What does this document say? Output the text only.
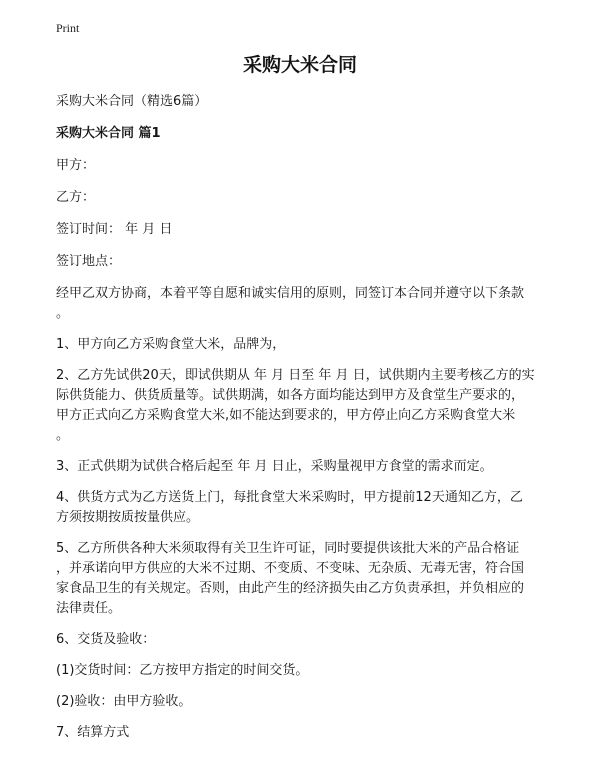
Print
采购大米合同
采购大米合同（精选6篇）
采购大米合同 篇1
甲方：
乙方：
签订时间： 年 月 日
签订地点：
经甲乙双方协商，本着平等自愿和诚实信用的原则，同签订本合同并遵守以下条款
。
1、甲方向乙方采购食堂大米，品牌为，
2、乙方先试供20天，即试供期从 年 月 日至 年 月 日，试供期内主要考核乙方的实
际供货能力、供货质量等。试供期满，如各方面均能达到甲方及食堂生产要求的，
甲方正式向乙方采购食堂大米,如不能达到要求的，甲方停止向乙方采购食堂大米
。
3、正式供期为试供合格后起至 年 月 日止，采购量视甲方食堂的需求而定。
4、供货方式为乙方送货上门，每批食堂大米采购时，甲方提前12天通知乙方，乙
方须按期按质按量供应。
5、乙方所供各种大米须取得有关卫生许可证，同时要提供该批大米的产品合格证
，并承诺向甲方供应的大米不过期、不变质、不变味、无杂质、无毒无害，符合国
家食品卫生的有关规定。否则，由此产生的经济损失由乙方负责承担，并负相应的
法律责任。
6、交货及验收：
(1)交货时间：乙方按甲方指定的时间交货。
(2)验收：由甲方验收。
7、结算方式
